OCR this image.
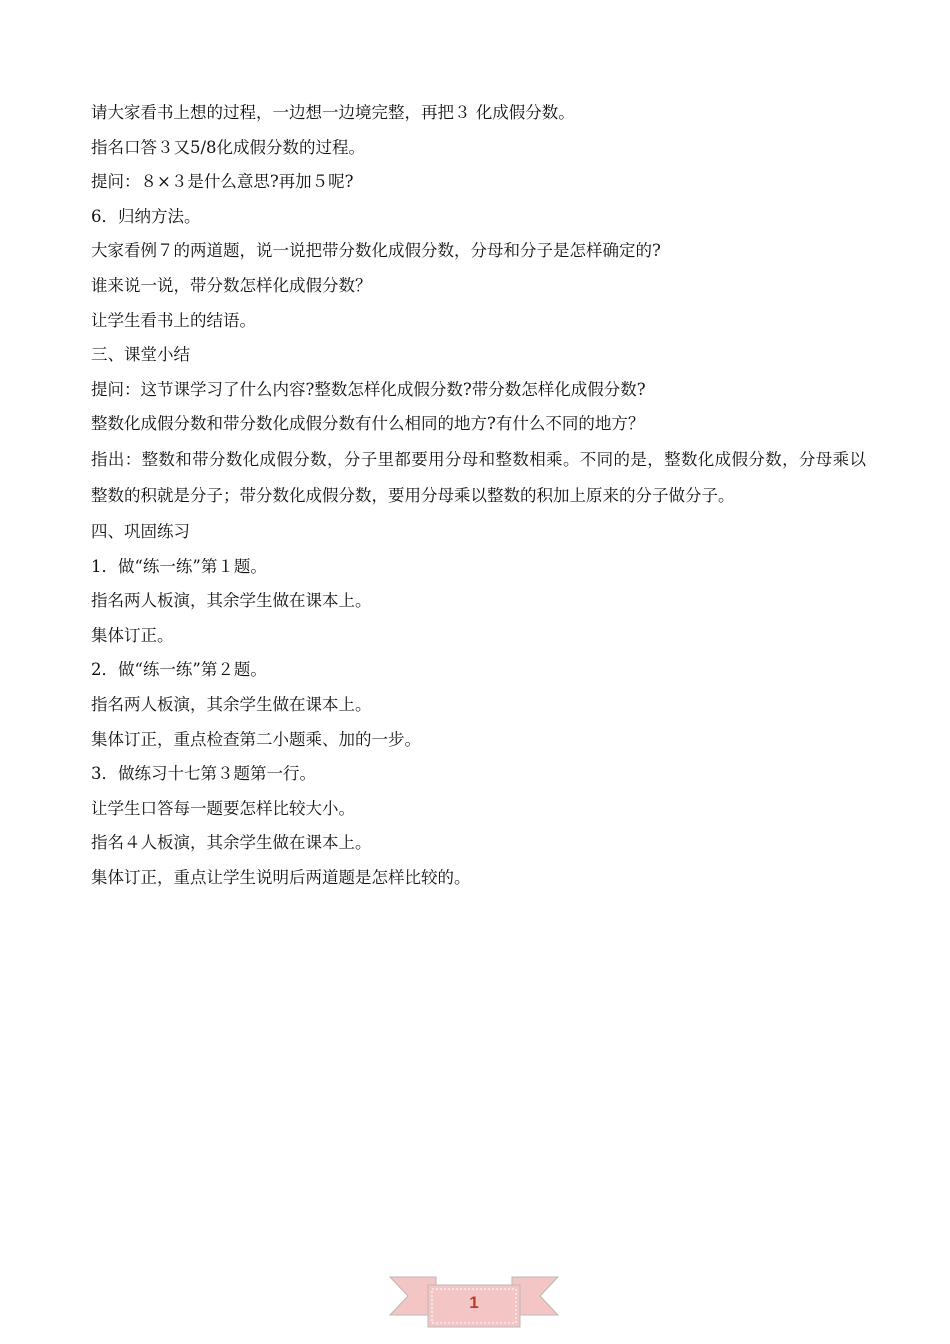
请大家看书上想的过程，一边想一边境完整，再把３ 化成假分数。
指名口答３又5/8化成假分数的过程。
提问：８×３是什么意思?再加５呢?
6．归纳方法。
大家看例７的两道题，说一说把带分数化成假分数，分母和分子是怎样确定的?
谁来说一说，带分数怎样化成假分数？
让学生看书上的结语。
三、课堂小结
提问：这节课学习了什么内容?整数怎样化成假分数?带分数怎样化成假分数?
整数化成假分数和带分数化成假分数有什么相同的地方?有什么不同的地方？
指出：整数和带分数化成假分数，分子里都要用分母和整数相乘。不同的是，整数化成假分数，分母乘以整数的积就是分子；带分数化成假分数，要用分母乘以整数的积加上原来的分子做分子。
四、巩固练习
1．做“练一练”第１题。
指名两人板演，其余学生做在课本上。
集体订正。
2．做“练一练”第２题。
指名两人板演，其余学生做在课本上。
集体订正，重点检查第二小题乘、加的一步。
3．做练习十七第３题第一行。
让学生口答每一题要怎样比较大小。
指名４人板演，其余学生做在课本上。
集体订正，重点让学生说明后两道题是怎样比较的。
1
